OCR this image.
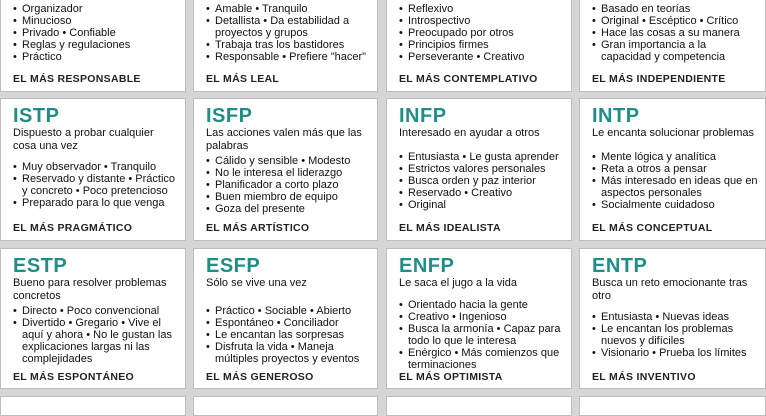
• Organizador
• Minucioso
• Privado • Confiable
• Reglas y regulaciones
• Práctico
EL MÁS RESPONSABLE
• Amable • Tranquilo
• Detallista • Da estabilidad a proyectos y grupos
• Trabaja tras los bastidores
• Responsable • Prefiere "hacer"
EL MÁS LEAL
• Reflexivo
• Introspectivo
• Preocupado por otros
• Principios firmes
• Perseverante • Creativo
EL MÁS CONTEMPLATIVO
• Basado en teorías
• Original • Escéptico • Crítico
• Hace las cosas a su manera
• Gran importancia a la capacidad y competencia
EL MÁS INDEPENDIENTE
ISTP
Dispuesto a probar cualquier cosa una vez
• Muy observador • Tranquilo
• Reservado y distante • Práctico y concreto • Poco pretencioso
• Preparado para lo que venga
EL MÁS PRAGMÁTICO
ISFP
Las acciones valen más que las palabras
• Cálido y sensible • Modesto
• No le interesa el liderazgo
• Planificador a corto plazo
• Buen miembro de equipo
• Goza del presente
EL MÁS ARTÍSTICO
INFP
Interesado en ayudar a otros
• Entusiasta • Le gusta aprender
• Estrictos valores personales
• Busca orden y paz interior
• Reservado • Creativo
• Original
EL MÁS IDEALISTA
INTP
Le encanta solucionar problemas
• Mente lógica y analítica
• Reta a otros a pensar
• Más interesado en ideas que en aspectos personales
• Socialmente cuidadoso
EL MÁS CONCEPTUAL
ESTP
Bueno para resolver problemas concretos
• Directo • Poco convencional
• Divertido • Gregario • Vive el aquí y ahora • No le gustan las explicaciones largas ni las complejidades
EL MÁS ESPONTÁNEO
ESFP
Sólo se vive una vez
• Práctico • Sociable • Abierto
• Espontáneo • Conciliador
• Le encantan las sorpresas
• Disfruta la vida • Maneja múltiples proyectos y eventos
EL MÁS GENEROSO
ENFP
Le saca el jugo a la vida
• Orientado hacia la gente
• Creativo • Ingenioso
• Busca la armonía • Capaz para todo lo que le interesa
• Enérgico • Más comienzos que terminaciones
EL MÁS OPTIMISTA
ENTP
Busca un reto emocionante tras otro
• Entusiasta • Nuevas ideas
• Le encantan los problemas nuevos y difíciles
• Visionario • Prueba los límites
EL MÁS INVENTIVO
